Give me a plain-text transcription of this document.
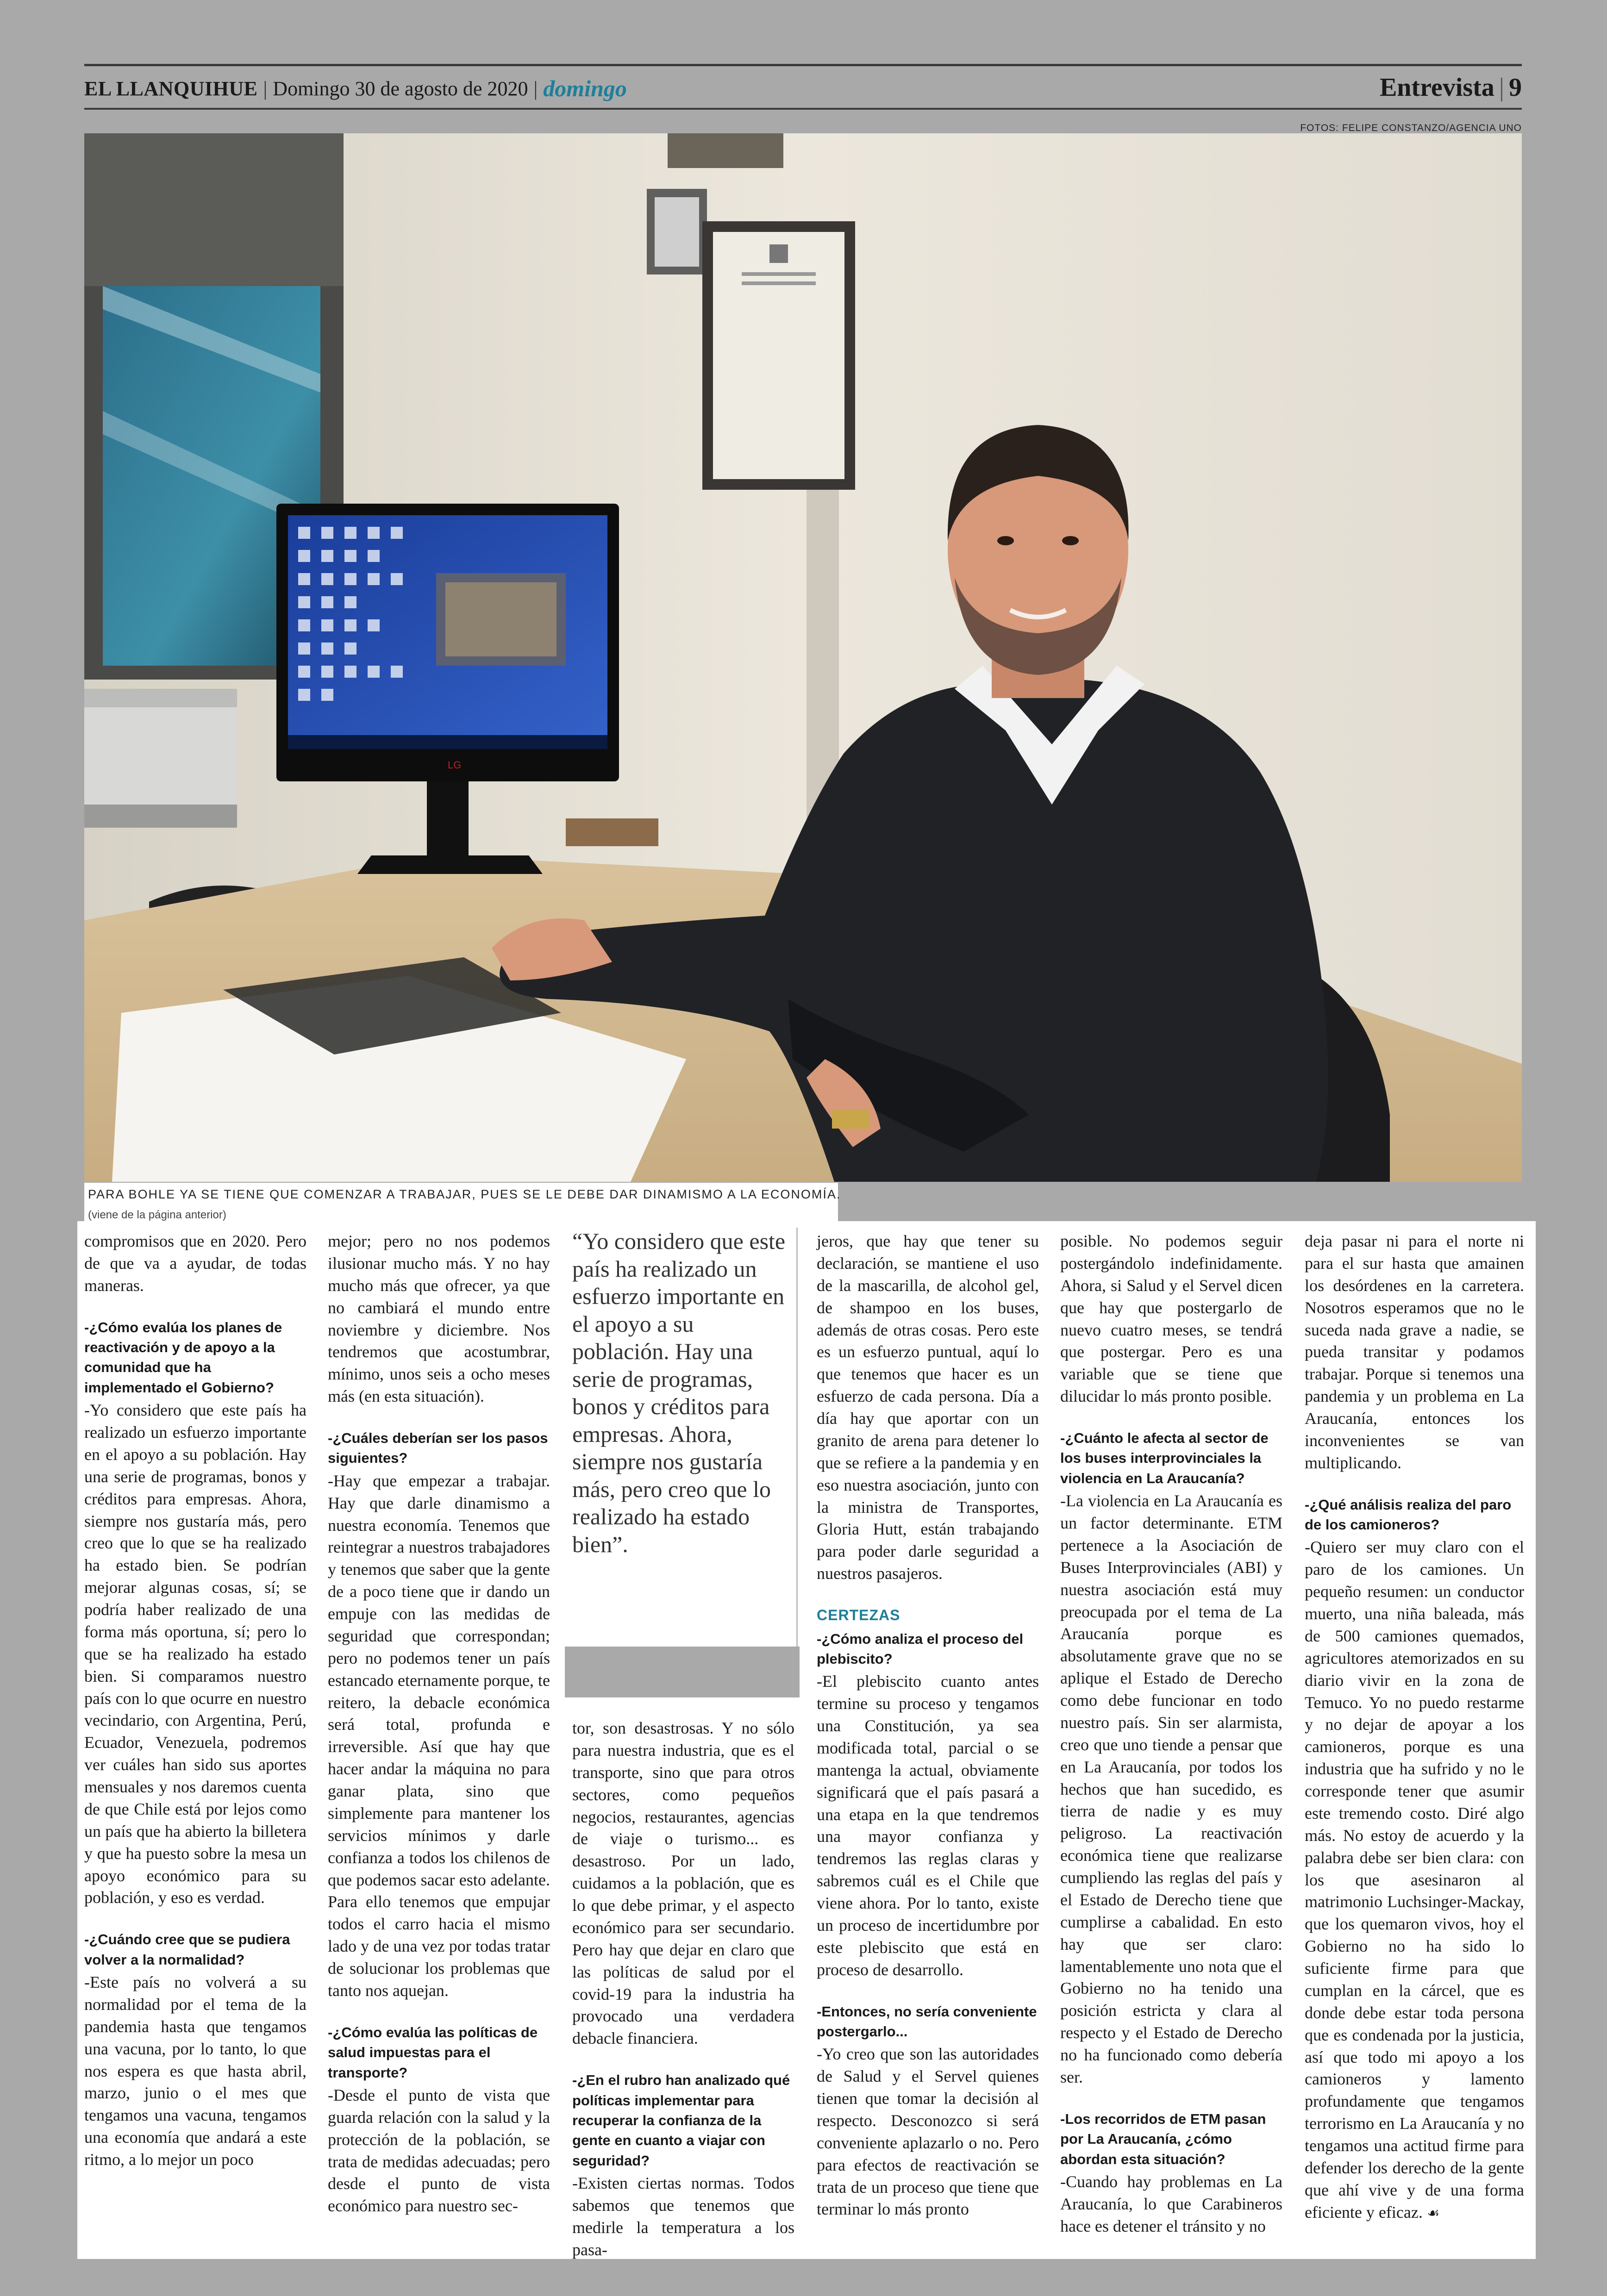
EL LLANQUIHUE | Domingo 30 de agosto de 2020 | domingo	Entrevista | 9
FOTOS: FELIPE CONSTANZO/AGENCIA UNO
LG
PARA BOHLE YA SE TIENE QUE COMENZAR A TRABAJAR, PUES SE LE DEBE DAR DINAMISMO A LA ECONOMÍA.
(viene de la página anterior)

compromisos que en 2020. Pero de que va a ayudar, de todas maneras.

-¿Cómo evalúa los planes de reactivación y de apoyo a la comunidad que ha implementado el Gobierno?

-Yo considero que este país ha realizado un esfuerzo importante en el apoyo a su población. Hay una serie de programas, bonos y créditos para empresas. Ahora, siempre nos gustaría más, pero creo que lo que se ha realizado ha estado bien. Se podrían mejorar algunas cosas, sí; se podría haber realizado de una forma más oportuna, sí; pero lo que se ha realizado ha estado bien. Si comparamos nuestro país con lo que ocurre en nuestro vecindario, con Argentina, Perú, Ecuador, Venezuela, podremos ver cuáles han sido sus aportes mensuales y nos daremos cuenta de que Chile está por lejos como un país que ha abierto la billetera y que ha puesto sobre la mesa un apoyo económico para su población, y eso es verdad.

-¿Cuándo cree que se pudiera volver a la normalidad?

-Este país no volverá a su normalidad por el tema de la pandemia hasta que tengamos una vacuna, por lo tanto, lo que nos espera es que hasta abril, marzo, junio o el mes que tengamos una vacuna, tengamos una economía que andará a este ritmo, a lo mejor un poco

mejor; pero no nos podemos ilusionar mucho más. Y no hay mucho más que ofrecer, ya que no cambiará el mundo entre noviembre y diciembre. Nos tendremos que acostumbrar, mínimo, unos seis a ocho meses más (en esta situación).

-¿Cuáles deberían ser los pasos siguientes?

-Hay que empezar a trabajar. Hay que darle dinamismo a nuestra economía. Tenemos que reintegrar a nuestros trabajadores y tenemos que saber que la gente de a poco tiene que ir dando un empuje con las medidas de seguridad que correspondan; pero no podemos tener un país estancado eternamente porque, te reitero, la debacle económica será total, profunda e irreversible. Así que hay que hacer andar la máquina no para ganar plata, sino que simplemente para mantener los servicios mínimos y darle confianza a todos los chilenos de que podemos sacar esto adelante. Para ello tenemos que empujar todos el carro hacia el mismo lado y de una vez por todas tratar de solucionar los problemas que tanto nos aquejan.

-¿Cómo evalúa las políticas de salud impuestas para el transporte?

-Desde el punto de vista que guarda relación con la salud y la protección de la población, se trata de medidas adecuadas; pero desde el punto de vista económico para nuestro sec-

“Yo considero que este país ha realizado un esfuerzo importante en el apoyo a su población. Hay una serie de programas, bonos y créditos para empresas. Ahora, siempre nos gustaría más, pero creo que lo realizado ha estado bien”.

tor, son desastrosas. Y no sólo para nuestra industria, que es el transporte, sino que para otros sectores, como pequeños negocios, restaurantes, agencias de viaje o turismo... es desastroso. Por un lado, cuidamos a la población, que es lo que debe primar, y el aspecto económico para ser secundario. Pero hay que dejar en claro que las políticas de salud por el covid-19 para la industria ha provocado una verdadera debacle financiera.

-¿En el rubro han analizado qué políticas implementar para recuperar la confianza de la gente en cuanto a viajar con seguridad?

-Existen ciertas normas. Todos sabemos que tenemos que medirle la temperatura a los pasa-

jeros, que hay que tener su declaración, se mantiene el uso de la mascarilla, de alcohol gel, de shampoo en los buses, además de otras cosas. Pero este es un esfuerzo puntual, aquí lo que tenemos que hacer es un esfuerzo de cada persona. Día a día hay que aportar con un granito de arena para detener lo que se refiere a la pandemia y en eso nuestra asociación, junto con la ministra de Transportes, Gloria Hutt, están trabajando para poder darle seguridad a nuestros pasajeros.

CERTEZAS

-¿Cómo analiza el proceso del plebiscito?

-El plebiscito cuanto antes termine su proceso y tengamos una Constitución, ya sea modificada total, parcial o se mantenga la actual, obviamente significará que el país pasará a una etapa en la que tendremos una mayor confianza y tendremos las reglas claras y sabremos cuál es el Chile que viene ahora. Por lo tanto, existe un proceso de incertidumbre por este plebiscito que está en proceso de desarrollo.

-Entonces, no sería conveniente postergarlo...

-Yo creo que son las autoridades de Salud y el Servel quienes tienen que tomar la decisión al respecto. Desconozco si será conveniente aplazarlo o no. Pero para efectos de reactivación se trata de un proceso que tiene que terminar lo más pronto

posible. No podemos seguir postergándolo indefinidamente. Ahora, si Salud y el Servel dicen que hay que postergarlo de nuevo cuatro meses, se tendrá que postergar. Pero es una variable que se tiene que dilucidar lo más pronto posible.

-¿Cuánto le afecta al sector de los buses interprovinciales la violencia en La Araucanía?

-La violencia en La Araucanía es un factor determinante. ETM pertenece a la Asociación de Buses Interprovinciales (ABI) y nuestra asociación está muy preocupada por el tema de La Araucanía porque es absolutamente grave que no se aplique el Estado de Derecho como debe funcionar en todo nuestro país. Sin ser alarmista, creo que uno tiende a pensar que en La Araucanía, por todos los hechos que han sucedido, es tierra de nadie y es muy peligroso. La reactivación económica tiene que realizarse cumpliendo las reglas del país y el Estado de Derecho tiene que cumplirse a cabalidad. En esto hay que ser claro: lamentablemente uno nota que el Gobierno no ha tenido una posición estricta y clara al respecto y el Estado de Derecho no ha funcionado como debería ser.

-Los recorridos de ETM pasan por La Araucanía, ¿cómo abordan esta situación?

-Cuando hay problemas en La Araucanía, lo que Carabineros hace es detener el tránsito y no

deja pasar ni para el norte ni para el sur hasta que amainen los desórdenes en la carretera. Nosotros esperamos que no le suceda nada grave a nadie, se pueda transitar y podamos trabajar. Porque si tenemos una pandemia y un problema en La Araucanía, entonces los inconvenientes se van multiplicando.

-¿Qué análisis realiza del paro de los camioneros?

-Quiero ser muy claro con el paro de los camiones. Un pequeño resumen: un conductor muerto, una niña baleada, más de 500 camiones quemados, agricultores atemorizados en su diario vivir en la zona de Temuco. Yo no puedo restarme y no dejar de apoyar a los camioneros, porque es una industria que ha sufrido y no le corresponde tener que asumir este tremendo costo. Diré algo más. No estoy de acuerdo y la palabra debe ser bien clara: con los que asesinaron al matrimonio Luchsinger-Mackay, que los quemaron vivos, hoy el Gobierno no ha sido lo suficiente firme para que cumplan en la cárcel, que es donde debe estar toda persona que es condenada por la justicia, así que todo mi apoyo a los camioneros y lamento profundamente que tengamos terrorismo en La Araucanía y no tengamos una actitud firme para defender los derecho de la gente que ahí vive y de una forma eficiente y eficaz. ☙
